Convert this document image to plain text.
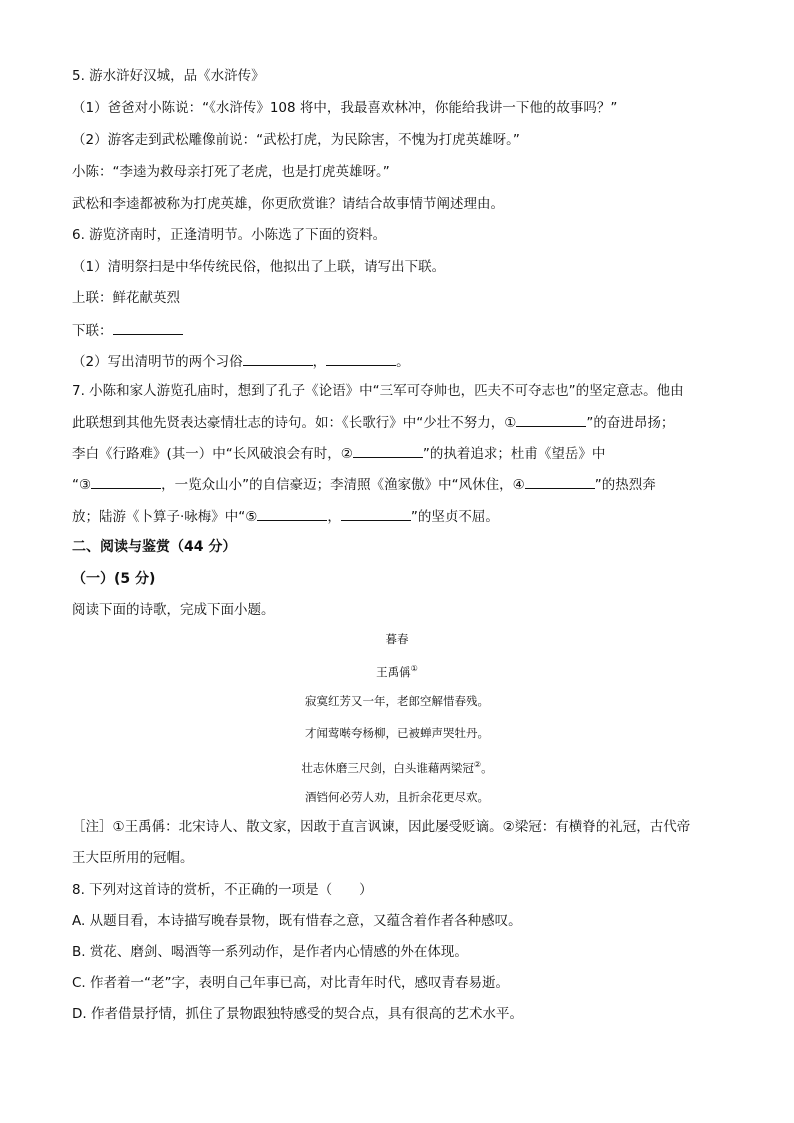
5. 游水浒好汉城，品《水浒传》
（1）爸爸对小陈说：“《水浒传》108 将中，我最喜欢林冲，你能给我讲一下他的故事吗？”
（2）游客走到武松雕像前说：“武松打虎，为民除害，不愧为打虎英雄呀。”
小陈：“李逵为救母亲打死了老虎，也是打虎英雄呀。”
武松和李逵都被称为打虎英雄，你更欣赏谁？请结合故事情节阐述理由。
6. 游览济南时，正逢清明节。小陈选了下面的资料。
（1）清明祭扫是中华传统民俗，他拟出了上联，请写出下联。
上联：鲜花献英烈
下联：
（2）写出清明节的两个习俗	，	。
7. 小陈和家人游览孔庙时，想到了孔子《论语》中“三军可夺帅也，匹夫不可夺志也”的坚定意志。他由
此联想到其他先贤表达豪情壮志的诗句。如：《长歌行》中“少壮不努力，①	”的奋进昂扬；
李白《行路难》(其一）中“长风破浪会有时，②	”的执着追求；杜甫《望岳》中
“③	，一览众山小”的自信豪迈；李清照《渔家傲》中“风休住，④	”的热烈奔
放；陆游《卜算子·咏梅》中“⑤	，	”的坚贞不屈。
二、阅读与鉴赏（44 分）
（一）(5 分)
阅读下面的诗歌，完成下面小题。
暮春
王禹偁①
寂寞红芳又一年，老郎空解惜春残。
才闻莺啭夸杨柳，已被蝉声哭牡丹。
壮志休磨三尺剑，白头谁藉两梁冠②。
酒铛何必劳人劝，且折余花更尽欢。
［注］①王禹偁：北宋诗人、散文家，因敢于直言讽谏，因此屡受贬谪。②梁冠：有横脊的礼冠，古代帝
王大臣所用的冠帽。
8. 下列对这首诗的赏析，不正确的一项是（　　）
A. 从题目看，本诗描写晚春景物，既有惜春之意，又蕴含着作者各种感叹。
B. 赏花、磨剑、喝酒等一系列动作，是作者内心情感的外在体现。
C. 作者着一“老”字，表明自己年事已高，对比青年时代，感叹青春易逝。
D. 作者借景抒情，抓住了景物跟独特感受的契合点，具有很高的艺术水平。
